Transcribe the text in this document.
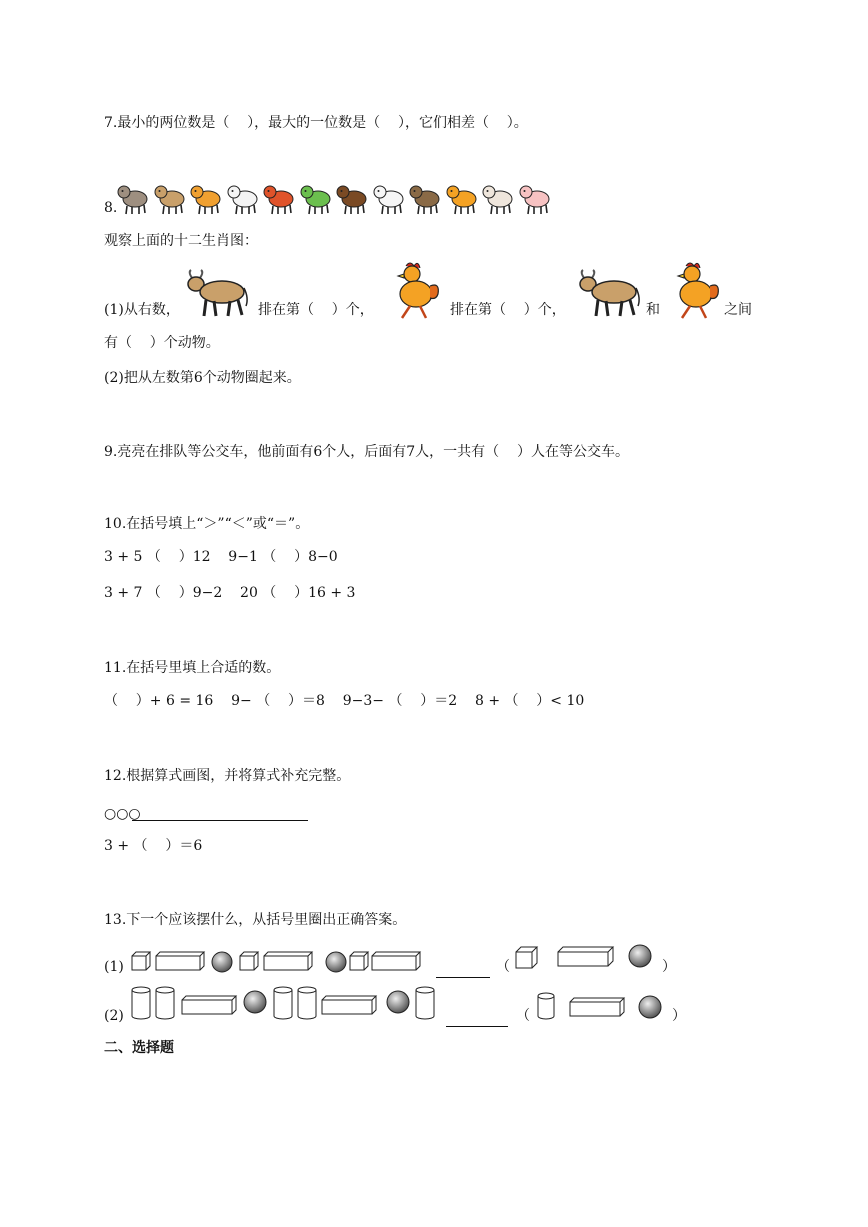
7.最小的两位数是（    ），最大的一位数是（    ），它们相差（    ）。
8.
观察上面的十二生肖图：
(1)从右数，	排在第（    ）个，	排在第（    ）个，	和	之间
有（    ）个动物。
(2)把从左数第6个动物圈起来。
9.亮亮在排队等公交车，他前面有6个人，后面有7人，一共有（    ）人在等公交车。
10.在括号填上“＞”“＜”或“＝”。
3 + 5 （    ）12    9−1 （    ）8−0
3 + 7 （    ）9−2    20 （    ）16 + 3
11.在括号里填上合适的数。
（    ）+ 6 = 16    9− （    ）＝8    9−3− （    ）＝2    8 + （    ）< 10
12.根据算式画图，并将算式补充完整。
○○○
3 + （    ）＝6
13.下一个应该摆什么，从括号里圈出正确答案。
(1)	（	）
(2)	（	）
二、选择题
